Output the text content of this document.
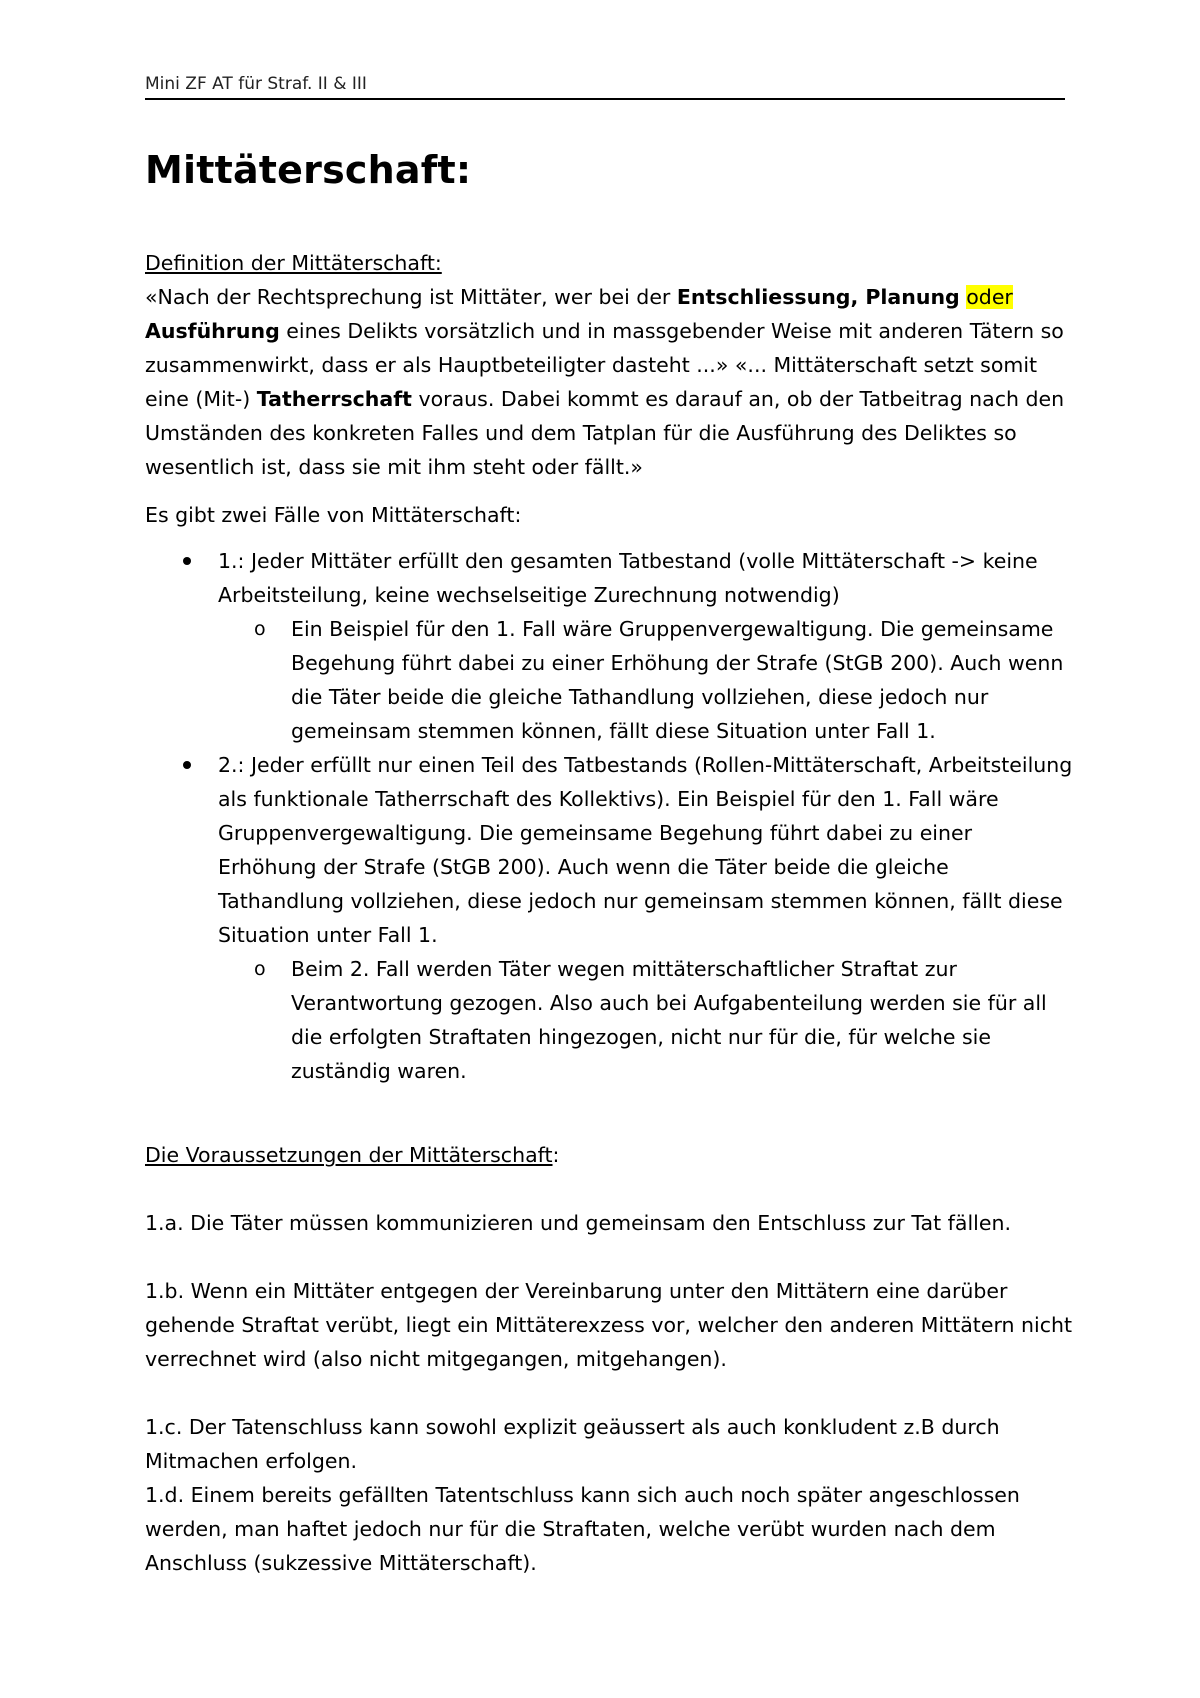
Mini ZF AT für Straf. II & III
Mittäterschaft:

Definition der Mittäterschaft:

«Nach der Rechtsprechung ist Mittäter, wer bei der Entschliessung, Planung oder
Ausführung eines Delikts vorsätzlich und in massgebender Weise mit anderen Tätern so zusammenwirkt, dass er als Hauptbeteiligter dasteht ...» «... Mittäterschaft setzt somit eine (Mit-) Tatherrschaft voraus. Dabei kommt es darauf an, ob der Tatbeitrag nach den Umständen des konkreten Falles und dem Tatplan für die Ausführung des Deliktes so wesentlich ist, dass sie mit ihm steht oder fällt.»

Es gibt zwei Fälle von Mittäterschaft:

1.: Jeder Mittäter erfüllt den gesamten Tatbestand (volle Mittäterschaft -> keine Arbeitsteilung, keine wechselseitige Zurechnung notwendig)
o Ein Beispiel für den 1. Fall wäre Gruppenvergewaltigung. Die gemeinsame Begehung führt dabei zu einer Erhöhung der Strafe (StGB 200). Auch wenn die Täter beide die gleiche Tathandlung vollziehen, diese jedoch nur gemeinsam stemmen können, fällt diese Situation unter Fall 1.
2.: Jeder erfüllt nur einen Teil des Tatbestands (Rollen-Mittäterschaft, Arbeitsteilung als funktionale Tatherrschaft des Kollektivs). Ein Beispiel für den 1. Fall wäre Gruppenvergewaltigung. Die gemeinsame Begehung führt dabei zu einer Erhöhung der Strafe (StGB 200). Auch wenn die Täter beide die gleiche Tathandlung vollziehen, diese jedoch nur gemeinsam stemmen können, fällt diese Situation unter Fall 1.
o Beim 2. Fall werden Täter wegen mittäterschaftlicher Straftat zur Verantwortung gezogen. Also auch bei Aufgabenteilung werden sie für all die erfolgten Straftaten hingezogen, nicht nur für die, für welche sie zuständig waren.

Die Voraussetzungen der Mittäterschaft:

1.a. Die Täter müssen kommunizieren und gemeinsam den Entschluss zur Tat fällen.

1.b. Wenn ein Mittäter entgegen der Vereinbarung unter den Mittätern eine darüber gehende Straftat verübt, liegt ein Mittäterexzess vor, welcher den anderen Mittätern nicht verrechnet wird (also nicht mitgegangen, mitgehangen).

1.c. Der Tatenschluss kann sowohl explizit geäussert als auch konkludent z.B durch Mitmachen erfolgen.

1.d. Einem bereits gefällten Tatentschluss kann sich auch noch später angeschlossen werden, man haftet jedoch nur für die Straftaten, welche verübt wurden nach dem Anschluss (sukzessive Mittäterschaft).
